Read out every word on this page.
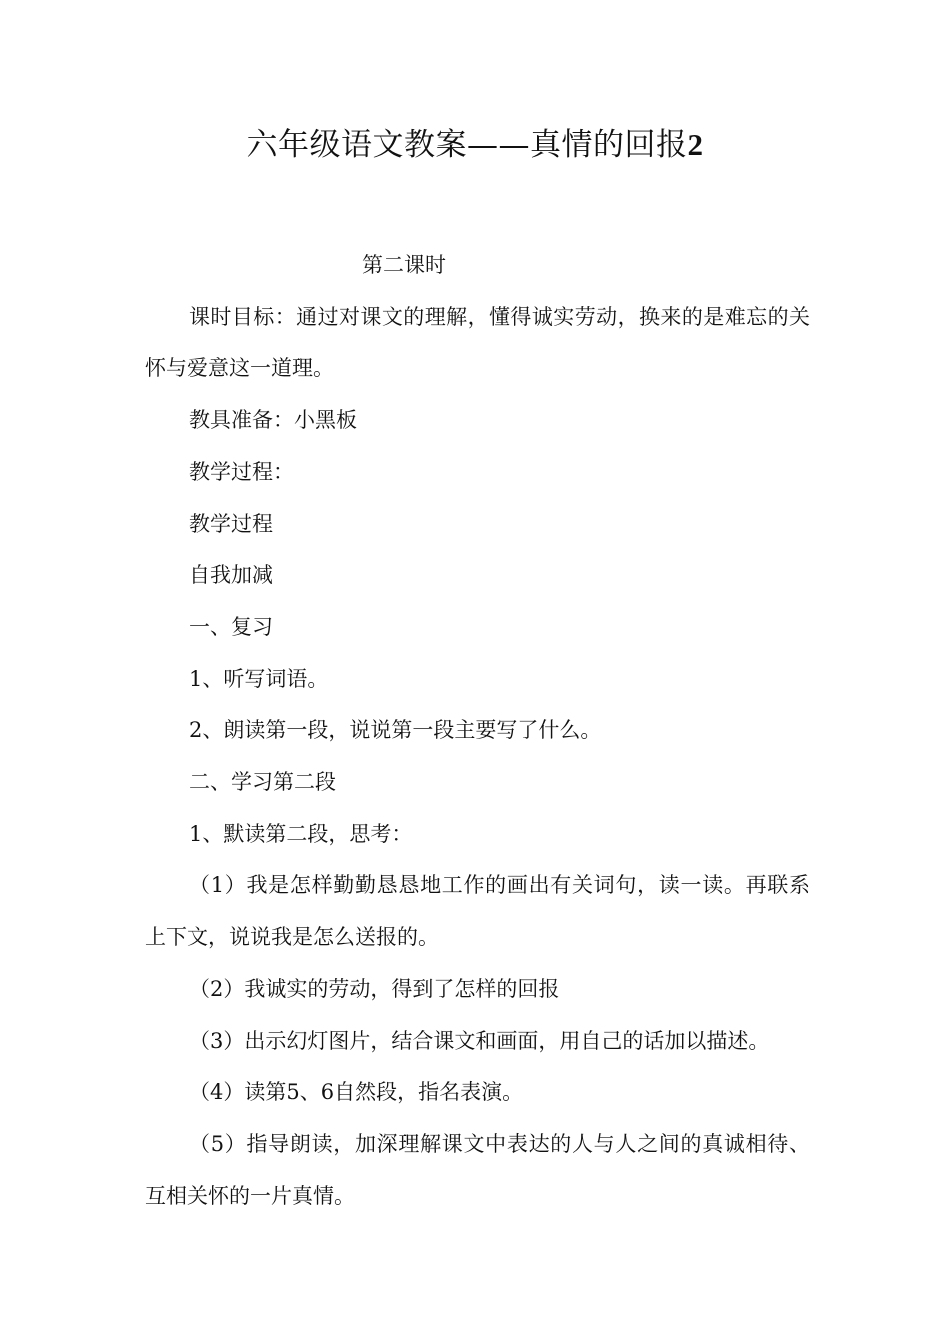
六年级语文教案——真情的回报2

第二课时

课时目标：通过对课文的理解，懂得诚实劳动，换来的是难忘的关怀与爱意这一道理。

教具准备：小黑板

教学过程：

教学过程

自我加减

一、复习

1、听写词语。

2、朗读第一段，说说第一段主要写了什么。

二、学习第二段

1、默读第二段，思考：

（1）我是怎样勤勤恳恳地工作的画出有关词句，读一读。再联系上下文，说说我是怎么送报的。

（2）我诚实的劳动，得到了怎样的回报

（3）出示幻灯图片，结合课文和画面，用自己的话加以描述。

（4）读第5、6自然段，指名表演。

（5）指导朗读，加深理解课文中表达的人与人之间的真诚相待、互相关怀的一片真情。
